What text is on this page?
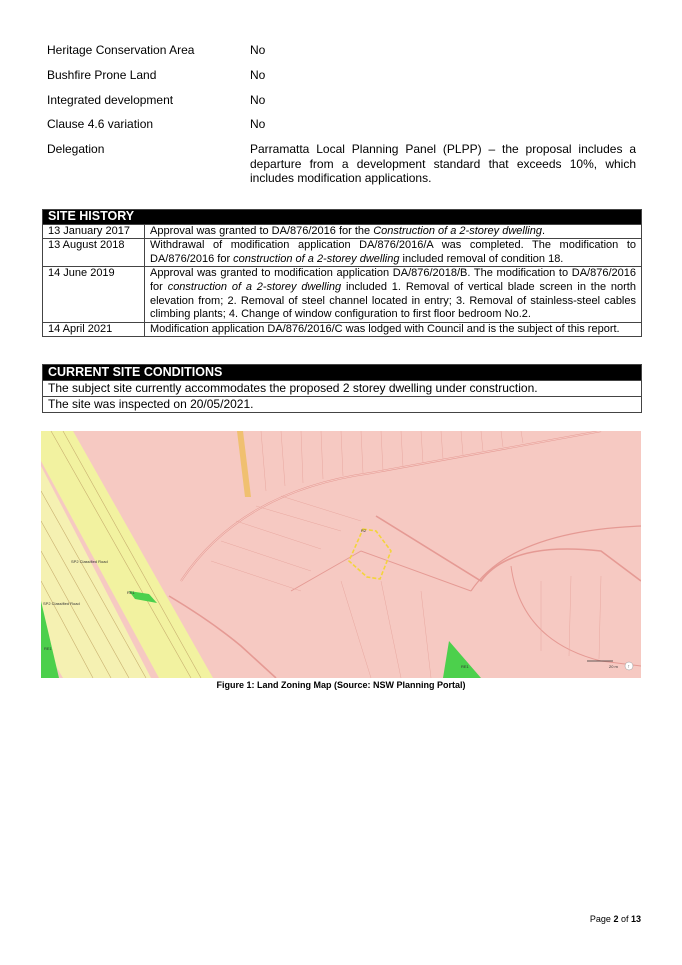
Heritage Conservation Area	No
Bushfire Prone Land	No
Integrated development	No
Clause 4.6 variation	No
Delegation	Parramatta Local Planning Panel (PLPP) – the proposal includes a departure from a development standard that exceeds 10%, which includes modification applications.
SITE HISTORY	
13 January 2017	Approval was granted to DA/876/2016 for the Construction of a 2-storey dwelling.
13 August 2018	Withdrawal of modification application DA/876/2016/A was completed. The modification to DA/876/2016 for construction of a 2-storey dwelling included removal of condition 18.
14 June 2019	Approval was granted to modification application DA/876/2018/B. The modification to DA/876/2016 for construction of a 2-storey dwelling included 1. Removal of vertical blade screen in the north elevation from; 2. Removal of steel channel located in entry; 3. Removal of stainless-steel cables climbing plants; 4. Change of window configuration to first floor bedroom No.2.
14 April 2021	Modification application DA/876/2016/C was lodged with Council and is the subject of this report.
CURRENT SITE CONDITIONS
The subject site currently accommodates the proposed 2 storey dwelling under construction.
The site was inspected on 20/05/2021.
SP2 Classified Road
SP2 Classified Road
RE1
RE1
RE1
R2
20 m ↑
Figure 1: Land Zoning Map (Source: NSW Planning Portal)
Page 2 of 13
